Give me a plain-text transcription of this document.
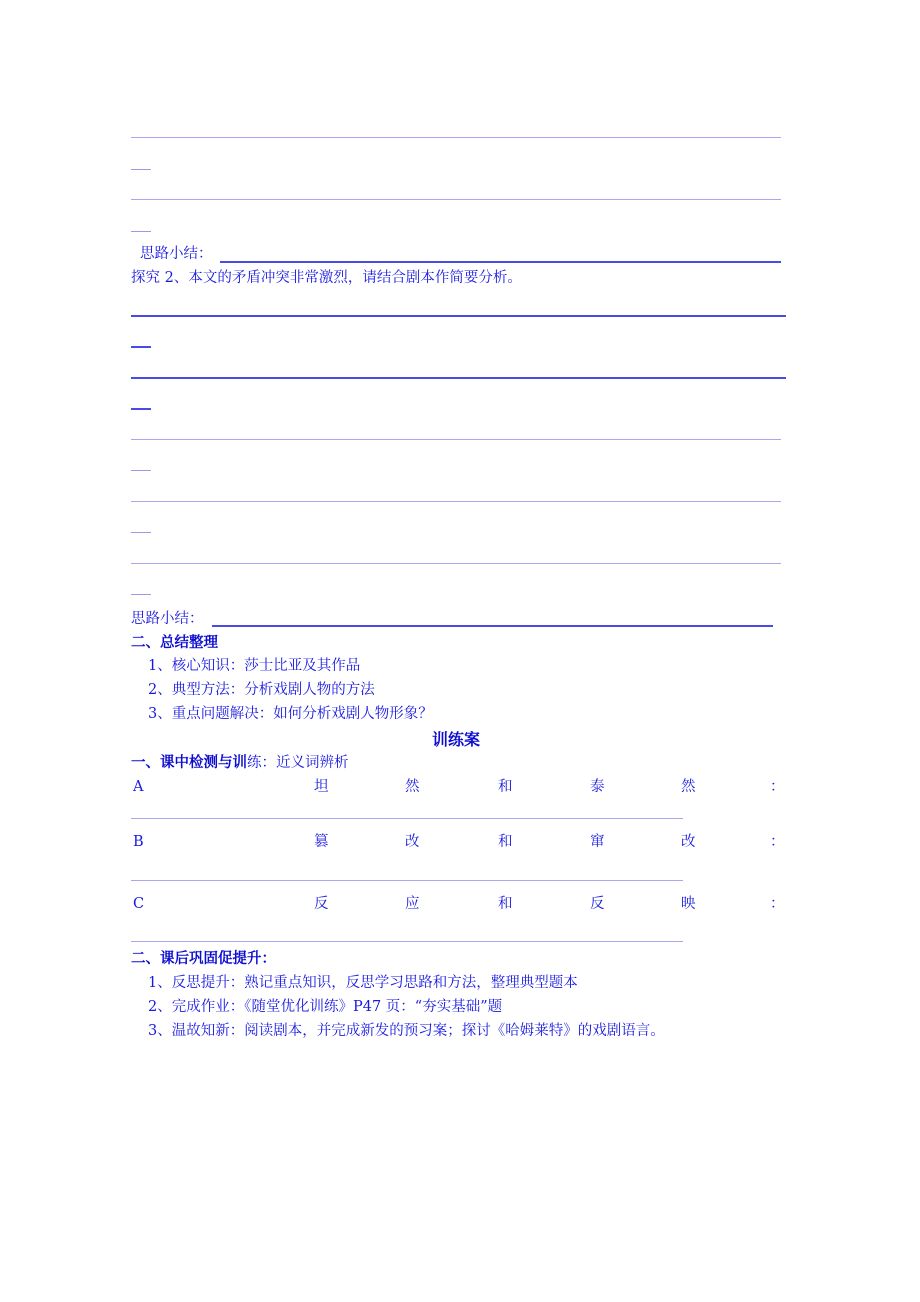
思路小结：
探究 2、本文的矛盾冲突非常激烈，请结合剧本作简要分析。
思路小结：
二、总结整理
1、核心知识：莎士比亚及其作品
2、典型方法：分析戏剧人物的方法
3、重点问题解决：如何分析戏剧人物形象？
训练案
一、课中检测与训练：近义词辨析
A	坦	然	和	泰	然	：
B	篡	改	和	窜	改	：
C	反	应	和	反	映	：
二、课后巩固促提升：
1、反思提升：熟记重点知识，反思学习思路和方法，整理典型题本
2、完成作业：《随堂优化训练》P47 页：“夯实基础”题
3、温故知新：阅读剧本，并完成新发的预习案；探讨《哈姆莱特》的戏剧语言。
